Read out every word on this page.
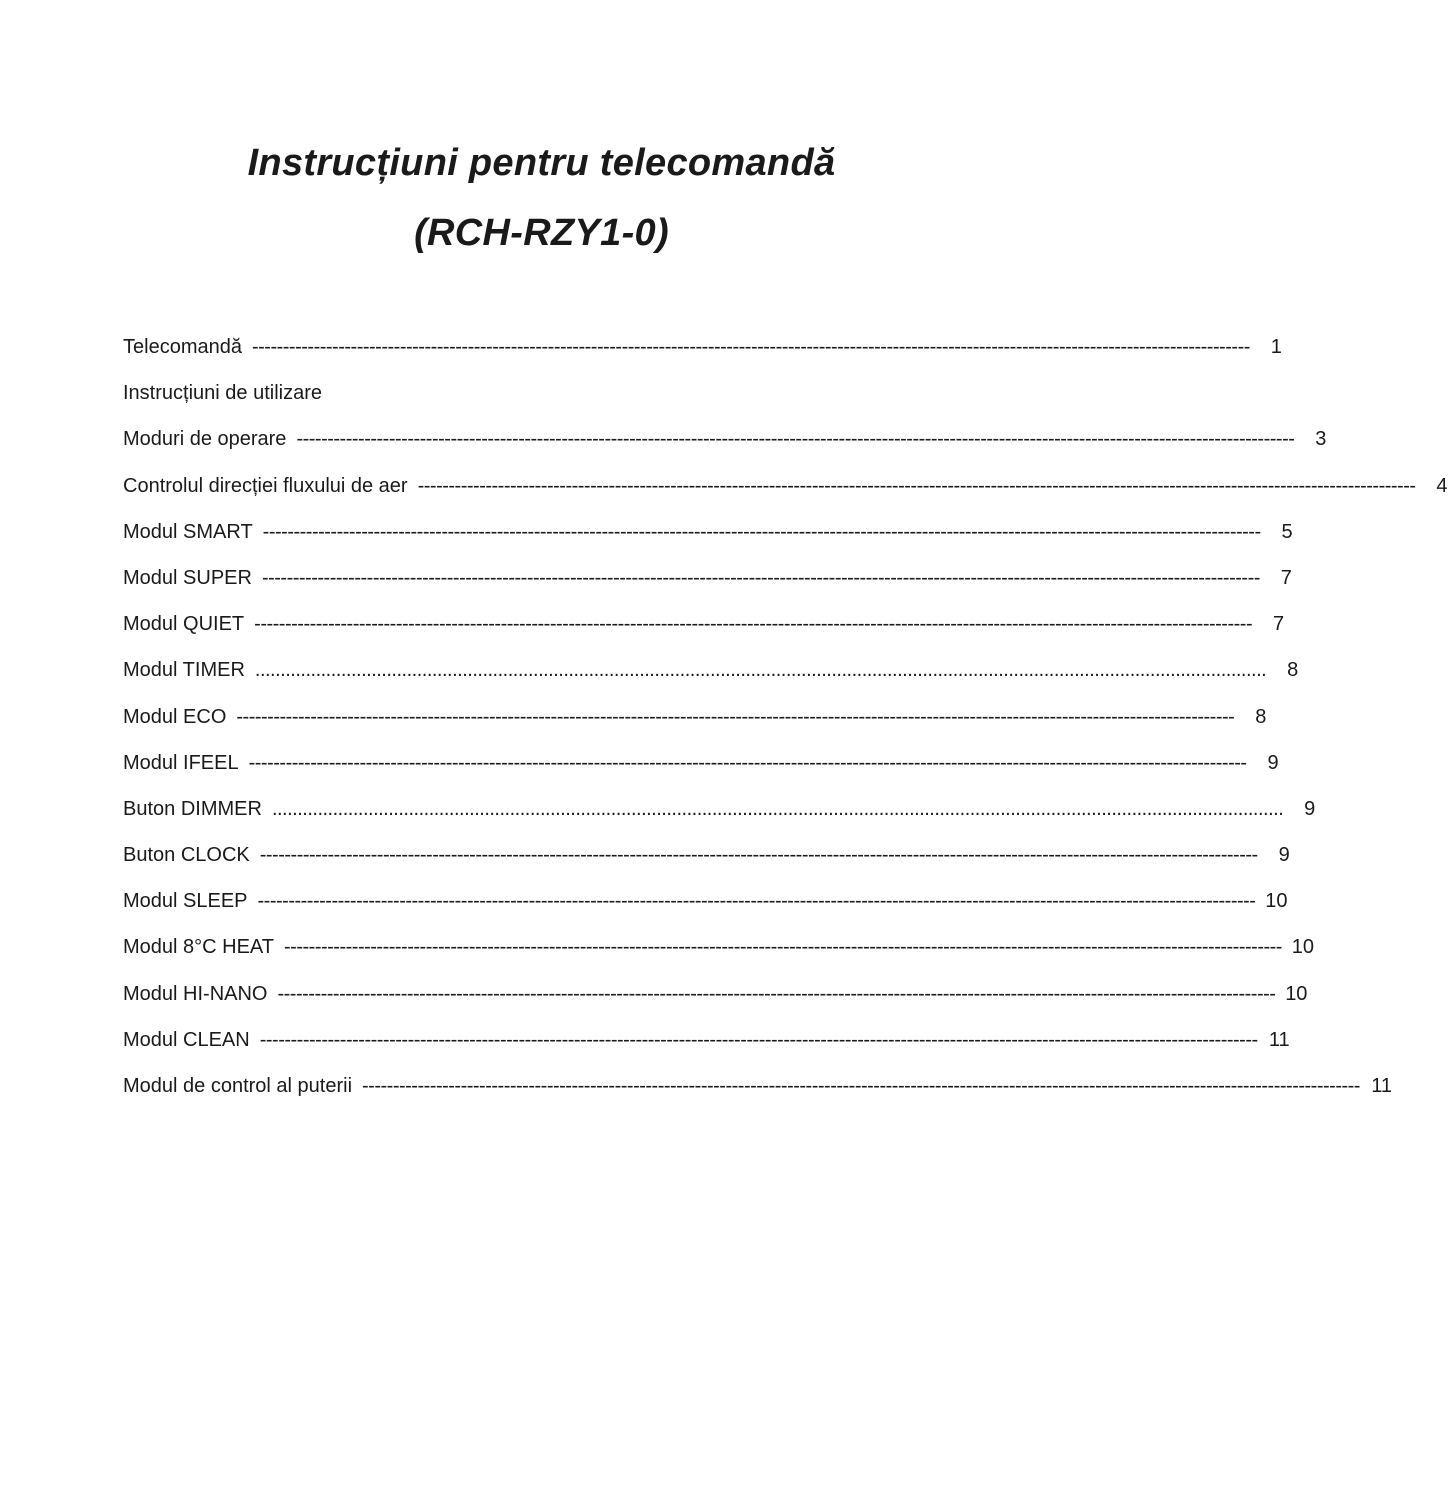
Instrucțiuni pentru telecomandă
(RCH-RZY1-0)
Telecomandă ------------------------------------------------------------------------------------------------------------------------------------------------------------------	1
Instrucțiuni de utilizare
Moduri de operare ------------------------------------------------------------------------------------------------------------------------------------------------------------------	3
Controlul direcției fluxului de aer ------------------------------------------------------------------------------------------------------------------------------------------------------------------	4
Modul SMART ------------------------------------------------------------------------------------------------------------------------------------------------------------------	5
Modul SUPER ------------------------------------------------------------------------------------------------------------------------------------------------------------------	7
Modul QUIET ------------------------------------------------------------------------------------------------------------------------------------------------------------------	7
Modul TIMER ........................................................................................................................................................................................................	8
Modul ECO ------------------------------------------------------------------------------------------------------------------------------------------------------------------	8
Modul IFEEL ------------------------------------------------------------------------------------------------------------------------------------------------------------------	9
Buton DIMMER ........................................................................................................................................................................................................	9
Buton CLOCK ------------------------------------------------------------------------------------------------------------------------------------------------------------------	9
Modul SLEEP ------------------------------------------------------------------------------------------------------------------------------------------------------------------ 10
Modul 8°C HEAT ------------------------------------------------------------------------------------------------------------------------------------------------------------------ 10
Modul HI-NANO ------------------------------------------------------------------------------------------------------------------------------------------------------------------ 10
Modul CLEAN ------------------------------------------------------------------------------------------------------------------------------------------------------------------ 11
Modul de control al puterii ------------------------------------------------------------------------------------------------------------------------------------------------------------------ 11
